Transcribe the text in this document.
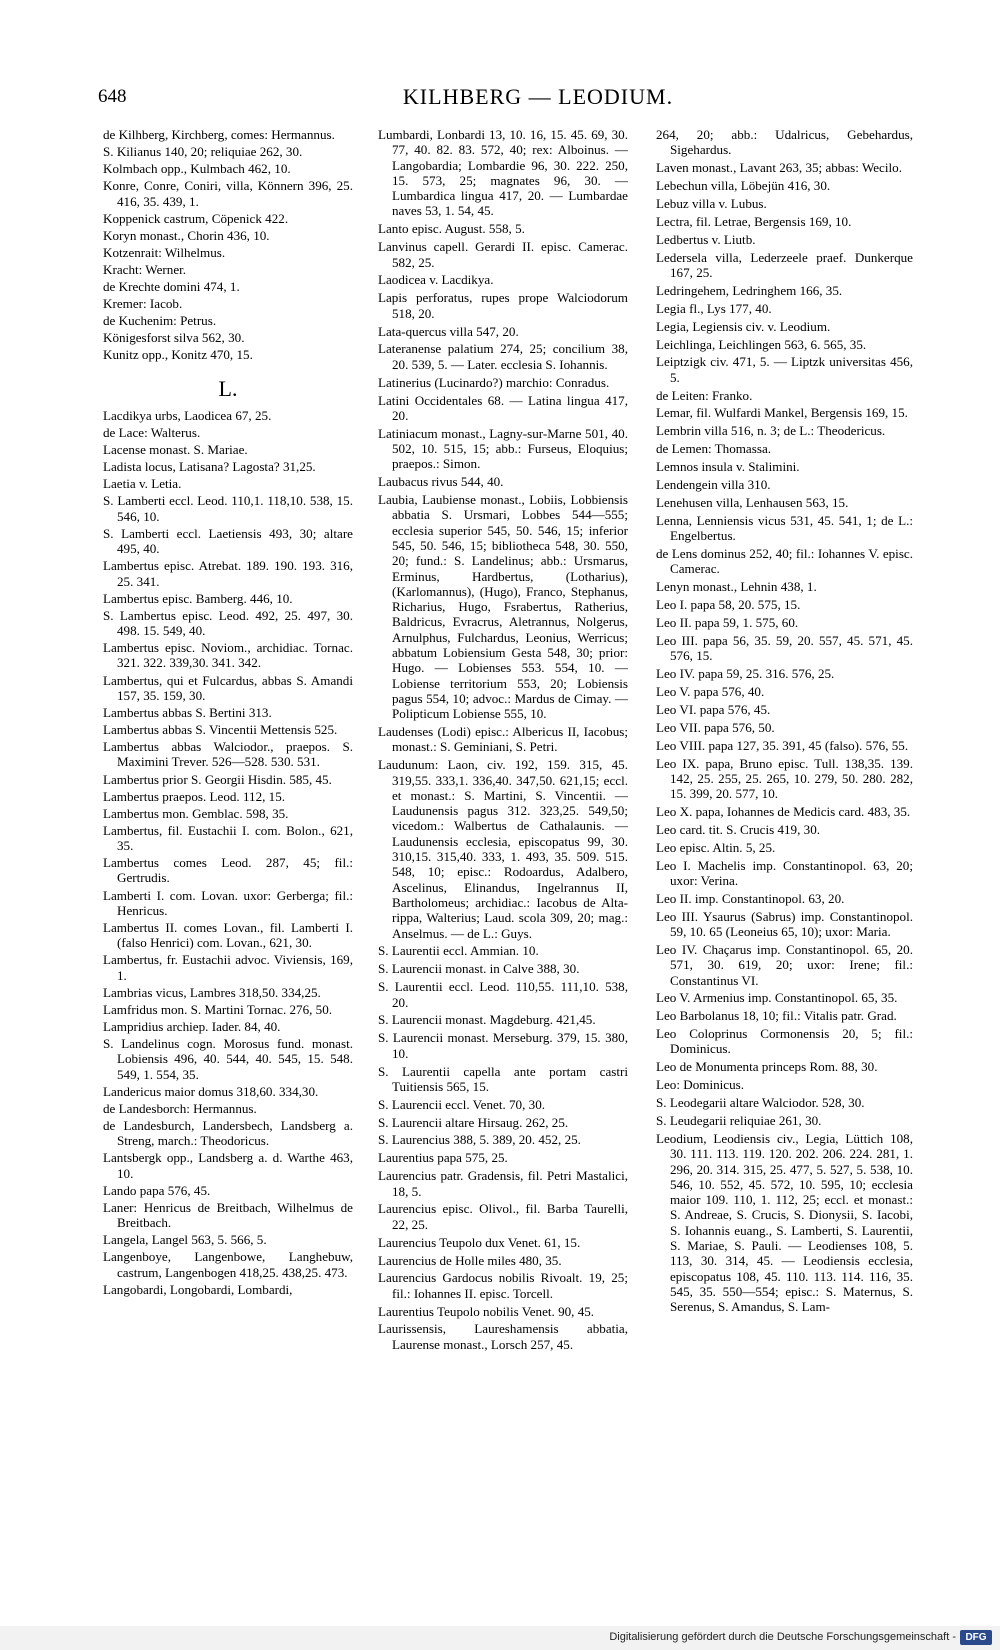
648	KILHBERG — LEODIUM.
de Kilhberg, Kirchberg, comes: Hermannus.
S. Kilianus 140, 20; reliquiae 262, 30.
Kolmbach opp., Kulmbach 462, 10.
Konre, Conre, Coniri, villa, Könnern 396, 25. 416, 35. 439, 1.
Koppenick castrum, Cöpenick 422.
Koryn monast., Chorin 436, 10.
Kotzenrait: Wilhelmus.
Kracht: Werner.
de Krechte domini 474, 1.
Kremer: Iacob.
de Kuchenim: Petrus.
Königesforst silva 562, 30.
Kunitz opp., Konitz 470, 15.
L.
Lacdikya urbs, Laodicea 67, 25.
de Lace: Walterus.
Lacense monast. S. Mariae.
Ladista locus, Latisana? Lagosta? 31,25.
Laetia v. Letia.
S. Lamberti eccl. Leod. 110,1. 118,10. 538, 15. 546, 10.
S. Lamberti eccl. Laetiensis 493, 30; altare 495, 40.
Lambertus episc. Atrebat. 189. 190. 193. 316, 25. 341.
Lambertus episc. Bamberg. 446, 10.
S. Lambertus episc. Leod. 492, 25. 497, 30. 498. 15. 549, 40.
Lambertus episc. Noviom., archidiac. Tornac. 321. 322. 339,30. 341. 342.
Lambertus, qui et Fulcardus, abbas S. Amandi 157, 35. 159, 30.
Lambertus abbas S. Bertini 313.
Lambertus abbas S. Vincentii Mettensis 525.
Lambertus abbas Walciodor., praepos. S. Maximini Trever. 526—528. 530. 531.
Lambertus prior S. Georgii Hisdin. 585, 45.
Lambertus praepos. Leod. 112, 15.
Lambertus mon. Gemblac. 598, 35.
Lambertus, fil. Eustachii I. com. Bolon., 621, 35.
Lambertus comes Leod. 287, 45; fil.: Gertrudis.
Lamberti I. com. Lovan. uxor: Gerberga; fil.: Henricus.
Lambertus II. comes Lovan., fil. Lamberti I. (falso Henrici) com. Lovan., 621, 30.
Lambertus, fr. Eustachii advoc. Viviensis, 169, 1.
Lambrias vicus, Lambres 318,50. 334,25.
Lamfridus mon. S. Martini Tornac. 276, 50.
Lampridius archiep. Iader. 84, 40.
S. Landelinus cogn. Morosus fund. monast. Lobiensis 496, 40. 544, 40. 545, 15. 548. 549, 1. 554, 35.
Landericus maior domus 318,60. 334,30.
de Landesborch: Hermannus.
de Landesburch, Landersbech, Landsberg a. Streng, march.: Theodoricus.
Lantsbergk opp., Landsberg a. d. Warthe 463, 10.
Lando papa 576, 45.
Laner: Henricus de Breitbach, Wilhelmus de Breitbach.
Langela, Langel 563, 5. 566, 5.
Langenboye, Langenbowe, Langhebuw, castrum, Langenbogen 418,25. 438,25. 473.
Langobardi, Longobardi, Lombardi,
Lumbardi, Lonbardi 13, 10. 16, 15. 45. 69, 30. 77, 40. 82. 83. 572, 40; rex: Alboinus. — Langobardia; Lombardie 96, 30. 222. 250, 15. 573, 25; magnates 96, 30. — Lumbardica lingua 417, 20. — Lumbardae naves 53, 1. 54, 45.
Lanto episc. August. 558, 5.
Lanvinus capell. Gerardi II. episc. Camerac. 582, 25.
Laodicea v. Lacdikya.
Lapis perforatus, rupes prope Walciodorum 518, 20.
Lata-quercus villa 547, 20.
Lateranense palatium 274, 25; concilium 38, 20. 539, 5. — Later. ecclesia S. Iohannis.
Latinerius (Lucinardo?) marchio: Conradus.
Latini Occidentales 68. — Latina lingua 417, 20.
Latiniacum monast., Lagny-sur-Marne 501, 40. 502, 10. 515, 15; abb.: Furseus, Eloquius; praepos.: Simon.
Laubacus rivus 544, 40.
Laubia, Laubiense monast., Lobiis, Lobbiensis abbatia S. Ursmari, Lobbes 544—555; ecclesia superior 545, 50. 546, 15; inferior 545, 50. 546, 15; bibliotheca 548, 30. 550, 20; fund.: S. Landelinus; abb.: Ursmarus, Erminus, Hardbertus, (Lotharius), (Karlomannus), (Hugo), Franco, Stephanus, Richarius, Hugo, Fsrabertus, Ratherius, Baldricus, Evracrus, Aletrannus, Nolgerus, Arnulphus, Fulchardus, Leonius, Werricus; abbatum Lobiensium Gesta 548, 30; prior: Hugo. — Lobienses 553. 554, 10. — Lobiense territorium 553, 20; Lobiensis pagus 554, 10; advoc.: Mardus de Cimay. — Polipticum Lobiense 555, 10.
Laudenses (Lodi) episc.: Albericus II, Iacobus; monast.: S. Geminiani, S. Petri.
Laudunum: Laon, civ. 192, 159. 315, 45. 319,55. 333,1. 336,40. 347,50. 621,15; eccl. et monast.: S. Martini, S. Vincentii. — Laudunensis pagus 312. 323,25. 549,50; vicedom.: Walbertus de Cathalaunis. — Laudunensis ecclesia, episcopatus 99, 30. 310,15. 315,40. 333, 1. 493, 35. 509. 515. 548, 10; episc.: Rodoardus, Adalbero, Ascelinus, Elinandus, Ingelrannus II, Bartholomeus; archidiac.: Iacobus de Alta-rippa, Walterius; Laud. scola 309, 20; mag.: Anselmus. — de L.: Guys.
S. Laurentii eccl. Ammian. 10.
S. Laurencii monast. in Calve 388, 30.
S. Laurentii eccl. Leod. 110,55. 111,10. 538, 20.
S. Laurencii monast. Magdeburg. 421,45.
S. Laurencii monast. Merseburg. 379, 15. 380, 10.
S. Laurentii capella ante portam castri Tuitiensis 565, 15.
S. Laurencii eccl. Venet. 70, 30.
S. Laurencii altare Hirsaug. 262, 25.
S. Laurencius 388, 5. 389, 20. 452, 25.
Laurentius papa 575, 25.
Laurencius patr. Gradensis, fil. Petri Mastalici, 18, 5.
Laurencius episc. Olivol., fil. Barba Taurelli, 22, 25.
Laurencius Teupolo dux Venet. 61, 15.
Laurencius de Holle miles 480, 35.
Laurencius Gardocus nobilis Rivoalt. 19, 25; fil.: Iohannes II. episc. Torcell.
Laurentius Teupolo nobilis Venet. 90, 45.
Laurissensis, Laureshamensis abbatia, Laurense monast., Lorsch 257, 45.
264, 20; abb.: Udalricus, Gebehardus, Sigehardus.
Laven monast., Lavant 263, 35; abbas: Wecilo.
Lebechun villa, Löbejün 416, 30.
Lebuz villa v. Lubus.
Lectra, fil. Letrae, Bergensis 169, 10.
Ledbertus v. Liutb.
Ledersela villa, Lederzeele praef. Dunkerque 167, 25.
Ledringehem, Ledringhem 166, 35.
Legia fl., Lys 177, 40.
Legia, Legiensis civ. v. Leodium.
Leichlinga, Leichlingen 563, 6. 565, 35.
Leiptzigk civ. 471, 5. — Liptzk universitas 456, 5.
de Leiten: Franko.
Lemar, fil. Wulfardi Mankel, Bergensis 169, 15.
Lembrin villa 516, n. 3; de L.: Theodericus.
de Lemen: Thomassa.
Lemnos insula v. Stalimini.
Lendengein villa 310.
Lenehusen villa, Lenhausen 563, 15.
Lenna, Lenniensis vicus 531, 45. 541, 1; de L.: Engelbertus.
de Lens dominus 252, 40; fil.: Iohannes V. episc. Camerac.
Lenyn monast., Lehnin 438, 1.
Leo I. papa 58, 20. 575, 15.
Leo II. papa 59, 1. 575, 60.
Leo III. papa 56, 35. 59, 20. 557, 45. 571, 45. 576, 15.
Leo IV. papa 59, 25. 316. 576, 25.
Leo V. papa 576, 40.
Leo VI. papa 576, 45.
Leo VII. papa 576, 50.
Leo VIII. papa 127, 35. 391, 45 (falso). 576, 55.
Leo IX. papa, Bruno episc. Tull. 138,35. 139. 142, 25. 255, 25. 265, 10. 279, 50. 280. 282, 15. 399, 20. 577, 10.
Leo X. papa, Iohannes de Medicis card. 483, 35.
Leo card. tit. S. Crucis 419, 30.
Leo episc. Altin. 5, 25.
Leo I. Machelis imp. Constantinopol. 63, 20; uxor: Verina.
Leo II. imp. Constantinopol. 63, 20.
Leo III. Ysaurus (Sabrus) imp. Constantinopol. 59, 10. 65 (Leoneius 65, 10); uxor: Maria.
Leo IV. Chaçarus imp. Constantinopol. 65, 20. 571, 30. 619, 20; uxor: Irene; fil.: Constantinus VI.
Leo V. Armenius imp. Constantinopol. 65, 35.
Leo Barbolanus 18, 10; fil.: Vitalis patr. Grad.
Leo Coloprinus Cormonensis 20, 5; fil.: Dominicus.
Leo de Monumenta princeps Rom. 88, 30.
Leo: Dominicus.
S. Leodegarii altare Walciodor. 528, 30.
S. Leudegarii reliquiae 261, 30.
Leodium, Leodiensis civ., Legia, Lüttich 108, 30. 111. 113. 119. 120. 202. 206. 224. 281, 1. 296, 20. 314. 315, 25. 477, 5. 527, 5. 538, 10. 546, 10. 552, 45. 572, 10. 595, 10; ecclesia maior 109. 110, 1. 112, 25; eccl. et monast.: S. Andreae, S. Crucis, S. Dionysii, S. Iacobi, S. Iohannis euang., S. Lamberti, S. Laurentii, S. Mariae, S. Pauli. — Leodienses 108, 5. 113, 30. 314, 45. — Leodiensis ecclesia, episcopatus 108, 45. 110. 113. 114. 116, 35. 545, 35. 550—554; episc.: S. Maternus, S. Serenus, S. Amandus, S. Lam-
Digitalisierung gefördert durch die Deutsche Forschungsgemeinschaft - DFG
